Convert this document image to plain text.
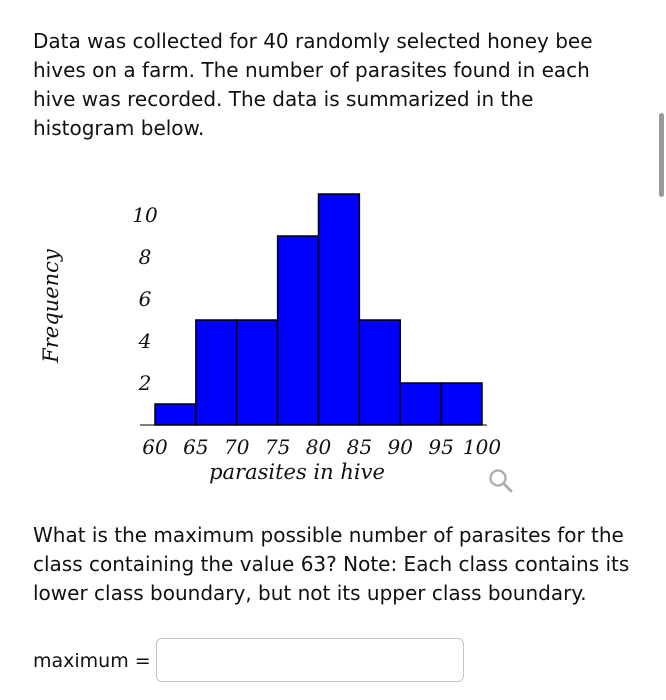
Data was collected for 40 randomly selected honey bee
hives on a farm. The number of parasites found in each
hive was recorded. The data is summarized in the
histogram below.
2
4
6
8
10
60 65 70 75 80 85 90 95 100
parasites in hive
Frequency
What is the maximum possible number of parasites for the
class containing the value 63? Note: Each class contains its
lower class boundary, but not its upper class boundary.
maximum =
